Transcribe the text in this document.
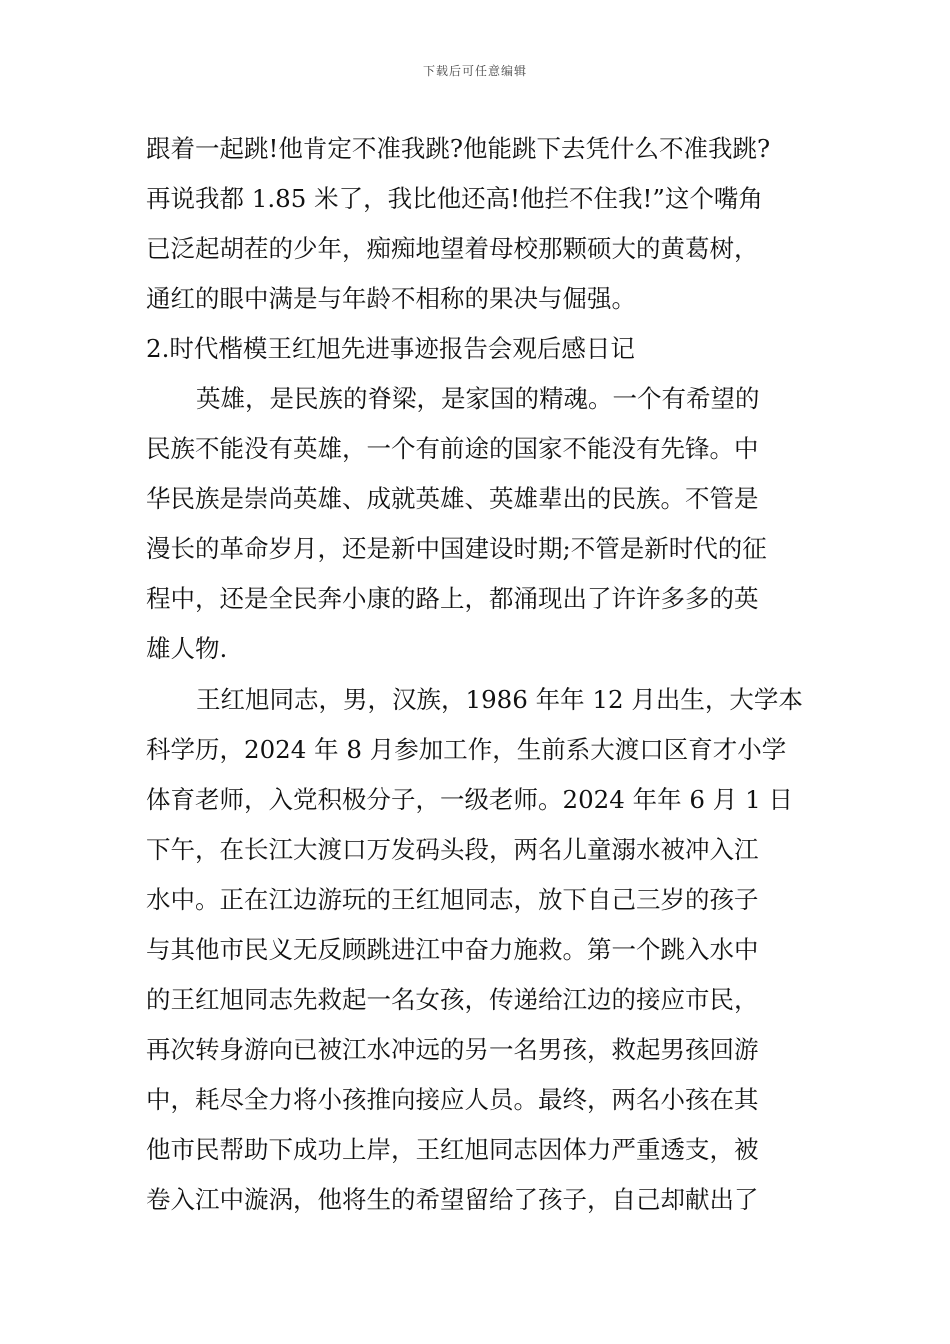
下载后可任意编辑
跟着一起跳!他肯定不准我跳?他能跳下去凭什么不准我跳?
再说我都 1.85 米了，我比他还高!他拦不住我!”这个嘴角
已泛起胡茬的少年，痴痴地望着母校那颗硕大的黄葛树，
通红的眼中满是与年龄不相称的果决与倔强。
2.时代楷模王红旭先进事迹报告会观后感日记
英雄，是民族的脊梁，是家国的精魂。一个有希望的
民族不能没有英雄，一个有前途的国家不能没有先锋。中
华民族是崇尚英雄、成就英雄、英雄辈出的民族。不管是
漫长的革命岁月，还是新中国建设时期;不管是新时代的征
程中，还是全民奔小康的路上，都涌现出了许许多多的英
雄人物.
王红旭同志，男，汉族，1986 年年 12 月出生，大学本
科学历，2024 年 8 月参加工作，生前系大渡口区育才小学
体育老师，入党积极分子，一级老师。2024 年年 6 月 1 日
下午，在长江大渡口万发码头段，两名儿童溺水被冲入江
水中。正在江边游玩的王红旭同志，放下自己三岁的孩子
与其他市民义无反顾跳进江中奋力施救。第一个跳入水中
的王红旭同志先救起一名女孩，传递给江边的接应市民，
再次转身游向已被江水冲远的另一名男孩，救起男孩回游
中，耗尽全力将小孩推向接应人员。最终，两名小孩在其
他市民帮助下成功上岸，王红旭同志因体力严重透支，被
卷入江中漩涡，他将生的希望留给了孩子，自己却献出了
